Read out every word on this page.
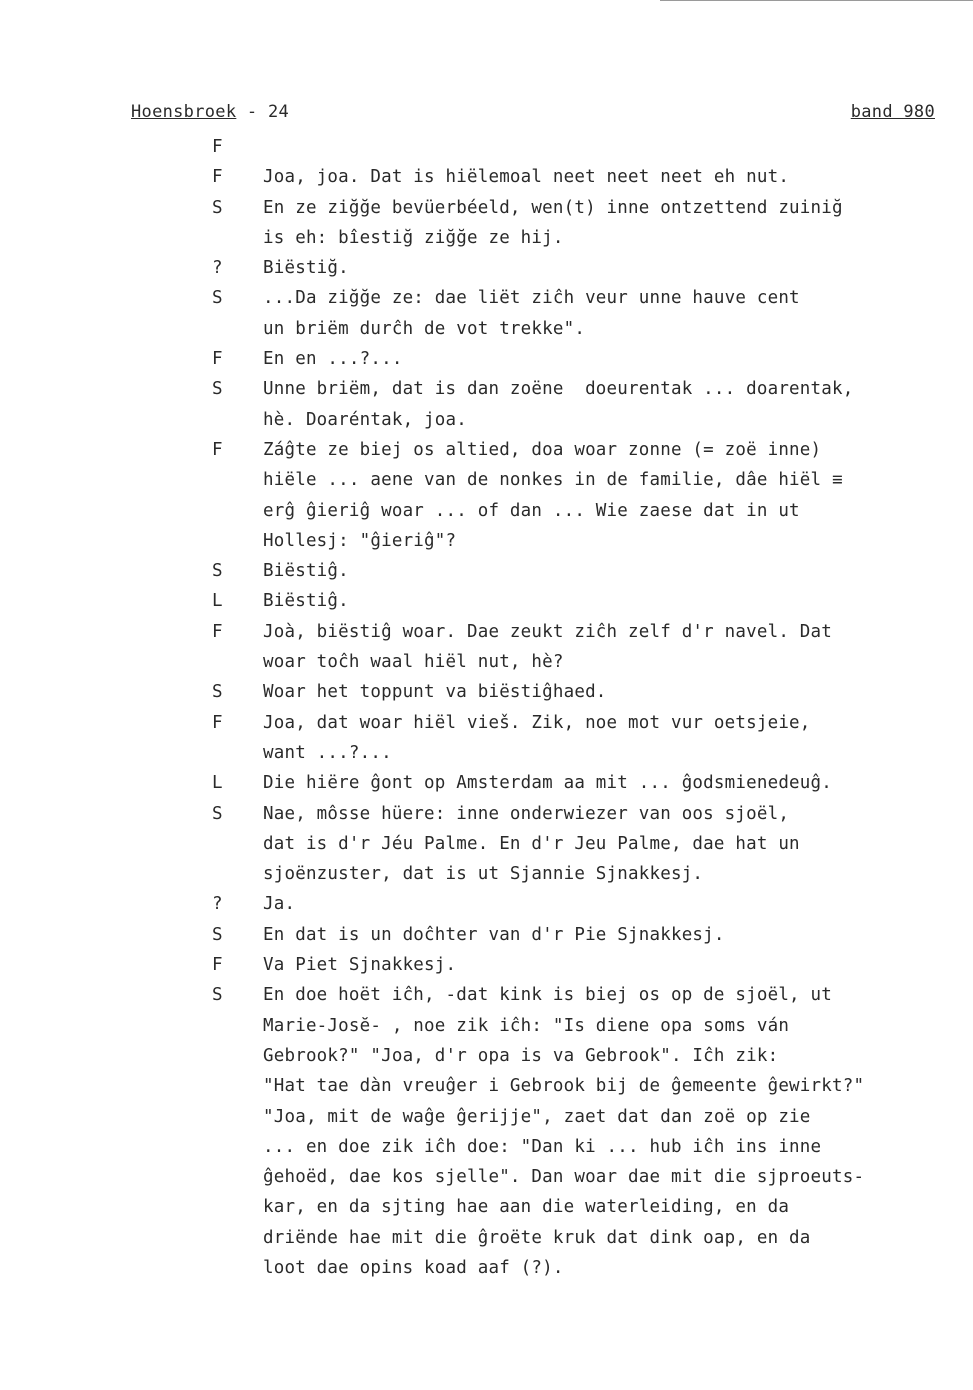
Hoensbroek - 24	band 980
F
F	Joa, joa. Dat is hiëlemoal neet neet neet eh nut.
S	En ze ziğğe bevüerbéeld, wen(t) inne ontzettend zuiniğ
is eh: bîestiğ ziğğe ze hij.
?	Biëstiğ.
S	...Da ziğğe ze: dae liët ziĉh veur unne hauve cent
un briëm durĉh de vot trekke".
F	En en ...?...
S	Unne briëm, dat is dan zoëne  doeurentak ... doarentak,
hè. Doaréntak, joa.
F	Záĝte ze biej os altied, doa woar zonne (= zoë inne)
hiële ... aene van de nonkes in de familie, dâe hiël ≡
erĝ ĝieriĝ woar ... of dan ... Wie zaese dat in ut
Hollesj: "ĝieriĝ"?
S	Biëstiĝ.
L	Biëstiĝ.
F	Joà, biëstiĝ woar. Dae zeukt ziĉh zelf d'r navel. Dat
woar toĉh waal hiël nut, hè?
S	Woar het toppunt va biëstiĝhaed.
F	Joa, dat woar hiël vieš. Zik, noe mot vur oetsjeie,
want ...?...
L	Die hiëre ĝont op Amsterdam aa mit ... ĝodsmienedeuĝ.
S	Nae, môsse hüere: inne onderwiezer van oos sjoël,
dat is d'r Jéu Palme. En d'r Jeu Palme, dae hat un
sjoënzuster, dat is ut Sjannie Sjnakkesj.
?	Ja.
S	En dat is un doĉhter van d'r Pie Sjnakkesj.
F	Va Piet Sjnakkesj.
S	En doe hoët iĉh, -dat kink is biej os op de sjoël, ut
Marie-Josĕ- , noe zik iĉh: "Is diene opa soms ván
Gebrook?" "Joa, d'r opa is va Gebrook". Iĉh zik:
"Hat tae dàn vreuĝer i Gebrook bij de ĝemeente ĝewirkt?"
"Joa, mit de waĝe ĝerijje", zaet dat dan zoë op zie
... en doe zik iĉh doe: "Dan ki ... hub iĉh ins inne
ĝehoëd, dae kos sjelle". Dan woar dae mit die sjproeuts-
kar, en da sjting hae aan die waterleiding, en da
driënde hae mit die ĝroëte kruk dat dink oap, en da
loot dae opins koad aaf (?).
